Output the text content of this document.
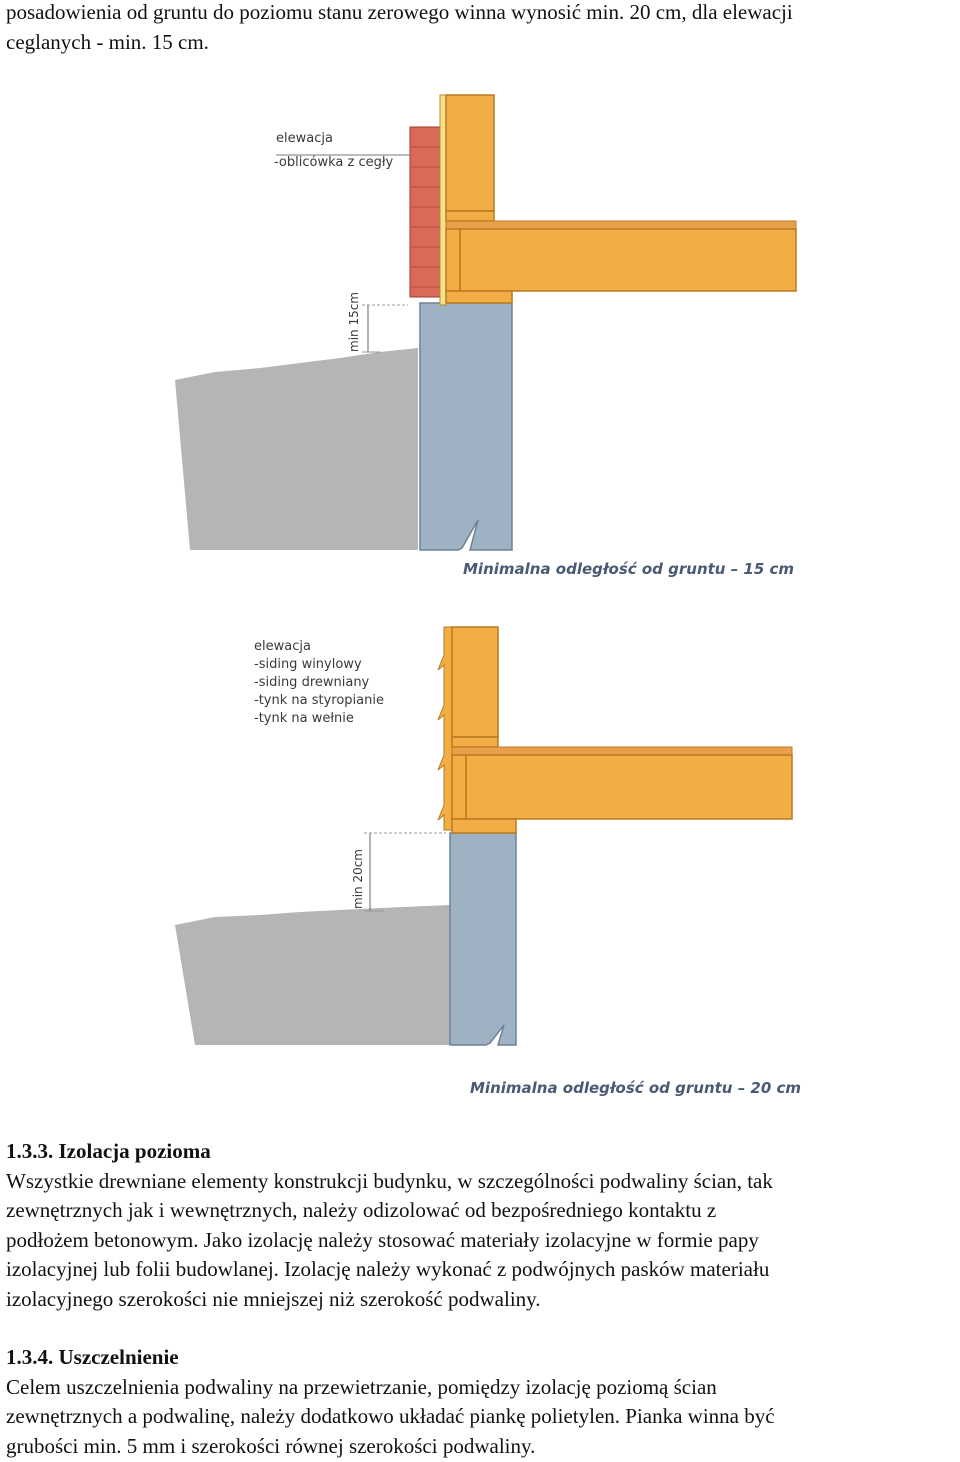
posadowienia od gruntu do poziomu stanu zerowego winna wynosić min. 20 cm, dla elewacji
ceglanych - min. 15 cm.

min 15cm
elewacja
-oblicówka z cegły
Minimalna odległość od gruntu – 15 cm
min 20cm
elewacja
-siding winylowy
-siding drewniany
-tynk na styropianie
-tynk na wełnie
Minimalna odległość od gruntu – 20 cm
1.3.3. Izolacja pozioma
Wszystkie drewniane elementy konstrukcji budynku, w szczególności podwaliny ścian, tak
zewnętrznych jak i wewnętrznych, należy odizolować od bezpośredniego kontaktu z
podłożem betonowym. Jako izolację należy stosować materiały izolacyjne w formie papy
izolacyjnej lub folii budowlanej. Izolację należy wykonać z podwójnych pasków materiału
izolacyjnego szerokości nie mniejszej niż szerokość podwaliny.
1.3.4. Uszczelnienie
Celem uszczelnienia podwaliny na przewietrzanie, pomiędzy izolację poziomą ścian
zewnętrznych a podwalinę, należy dodatkowo układać piankę polietylen. Pianka winna być
grubości min. 5 mm i szerokości równej szerokości podwaliny.
